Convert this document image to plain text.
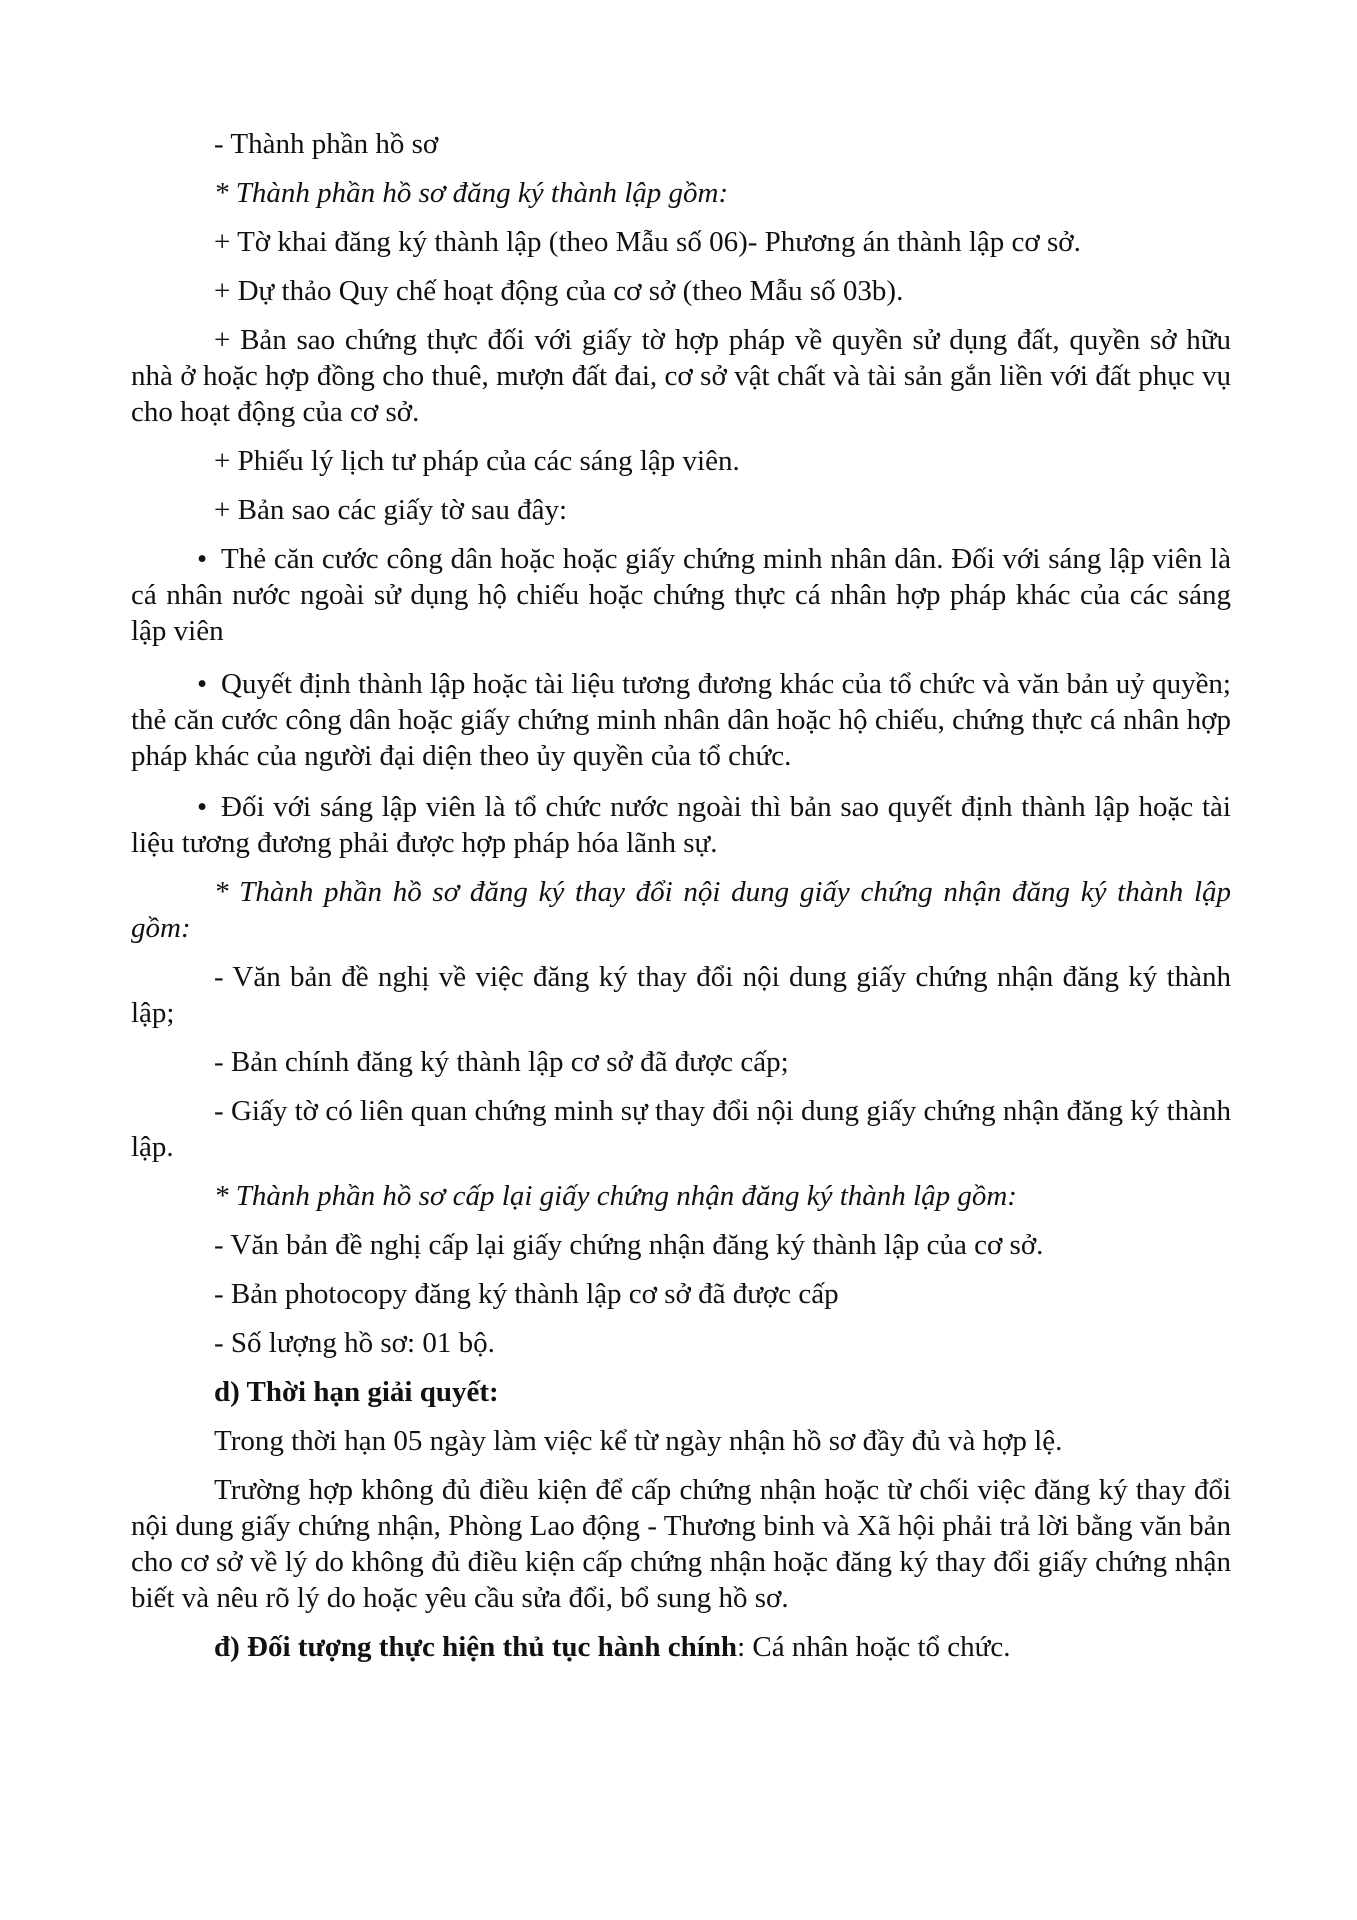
- Thành phần hồ sơ

* Thành phần hồ sơ đăng ký thành lập gồm:

+ Tờ khai đăng ký thành lập (theo Mẫu số 06)- Phương án thành lập cơ sở.

+ Dự thảo Quy chế hoạt động của cơ sở (theo Mẫu số 03b).

+ Bản sao chứng thực đối với giấy tờ hợp pháp về quyền sử dụng đất, quyền sở hữu nhà ở hoặc hợp đồng cho thuê, mượn đất đai, cơ sở vật chất và tài sản gắn liền với đất phục vụ cho hoạt động của cơ sở.

+ Phiếu lý lịch tư pháp của các sáng lập viên.

+ Bản sao các giấy tờ sau đây:

• Thẻ căn cước công dân hoặc hoặc giấy chứng minh nhân dân. Đối với sáng lập viên là cá nhân nước ngoài sử dụng hộ chiếu hoặc chứng thực cá nhân hợp pháp khác của các sáng lập viên

• Quyết định thành lập hoặc tài liệu tương đương khác của tổ chức và văn bản uỷ quyền; thẻ căn cước công dân hoặc giấy chứng minh nhân dân hoặc hộ chiếu, chứng thực cá nhân hợp pháp khác của người đại diện theo ủy quyền của tổ chức.

• Đối với sáng lập viên là tổ chức nước ngoài thì bản sao quyết định thành lập hoặc tài liệu tương đương phải được hợp pháp hóa lãnh sự.

* Thành phần hồ sơ đăng ký thay đổi nội dung giấy chứng nhận đăng ký thành lập gồm:

- Văn bản đề nghị về việc đăng ký thay đổi nội dung giấy chứng nhận đăng ký thành lập;

- Bản chính đăng ký thành lập cơ sở đã được cấp;

- Giấy tờ có liên quan chứng minh sự thay đổi nội dung giấy chứng nhận đăng ký thành lập.

* Thành phần hồ sơ cấp lại giấy chứng nhận đăng ký thành lập gồm:

- Văn bản đề nghị cấp lại giấy chứng nhận đăng ký thành lập của cơ sở.

- Bản photocopy đăng ký thành lập cơ sở đã được cấp

- Số lượng hồ sơ: 01 bộ.

d) Thời hạn giải quyết:

Trong thời hạn 05 ngày làm việc kể từ ngày nhận hồ sơ đầy đủ và hợp lệ.

Trường hợp không đủ điều kiện để cấp chứng nhận hoặc từ chối việc đăng ký thay đổi nội dung giấy chứng nhận, Phòng Lao động - Thương binh và Xã hội phải trả lời bằng văn bản cho cơ sở về lý do không đủ điều kiện cấp chứng nhận hoặc đăng ký thay đổi giấy chứng nhận biết và nêu rõ lý do hoặc yêu cầu sửa đổi, bổ sung hồ sơ.

đ) Đối tượng thực hiện thủ tục hành chính: Cá nhân hoặc tổ chức.
